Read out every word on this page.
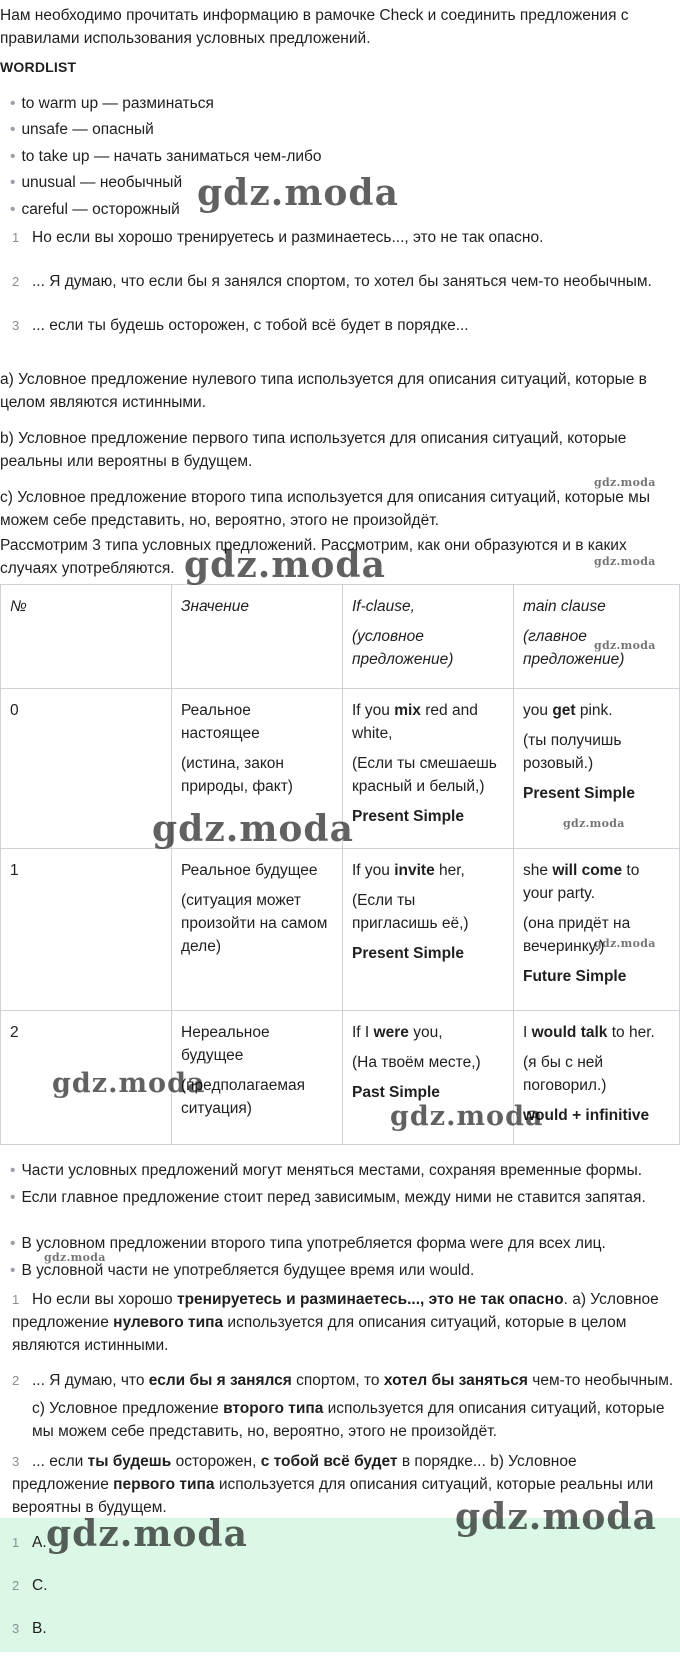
Нам необходимо прочитать информацию в рамочке Check и соединить предложения с правилами использования условных предложений.
WORDLIST
• to warm up — разминаться
• unsafe — опасный
• to take up — начать заниматься чем-либо
• unusual — необычный
• careful — осторожный
1 Но если вы хорошо тренируетесь и разминаетесь..., это не так опасно.
2 ... Я думаю, что если бы я занялся спортом, то хотел бы заняться чем-то необычным.
3 ... если ты будешь осторожен, с тобой всё будет в порядке...
a) Условное предложение нулевого типа используется для описания ситуаций, которые в целом являются истинными.
b) Условное предложение первого типа используется для описания ситуаций, которые реальны или вероятны в будущем.
c) Условное предложение второго типа используется для описания ситуаций, которые мы можем себе представить, но, вероятно, этого не произойдёт.
Рассмотрим 3 типа условных предложений. Рассмотрим, как они образуются и в каких случаях употребляются.
№	Значение	If-clause,
(условное предложение)	main clause
(главное предложение)

0	Реальное настоящее
(истина, закон природы, факт)	If you mix red and white,
(Если ты смешаешь красный и белый,)
Present Simple	you get pink.
(ты получишь розовый.)
Present Simple

1	Реальное будущее
(ситуация может произойти на самом деле)	If you invite her,
(Если ты пригласишь её,)
Present Simple	she will come to your party.
(она придёт на вечеринку.)
Future Simple

2	Нереальное будущее
(предполагаемая ситуация)	If I were you,
(На твоём месте,)
Past Simple	I would talk to her.
(я бы с ней поговорил.)
would + infinitive
• Части условных предложений могут меняться местами, сохраняя временные формы.
• Если главное предложение стоит перед зависимым, между ними не ставится запятая.
• В условном предложении второго типа употребляется форма were для всех лиц.
• В условной части не употребляется будущее время или would.
1 Но если вы хорошо тренируетесь и разминаетесь..., это не так опасно. a) Условное предложение нулевого типа используется для описания ситуаций, которые в целом являются истинными.
2 ... Я думаю, что если бы я занялся спортом, то хотел бы заняться чем-то необычным.
c) Условное предложение второго типа используется для описания ситуаций, которые мы можем себе представить, но, вероятно, этого не произойдёт.
3 ... если ты будешь осторожен, с тобой всё будет в порядке... b) Условное предложение первого типа используется для описания ситуаций, которые реальны или вероятны в будущем.
1 A.
2 C.
3 B.
gdz.moda
gdz.moda
gdz.moda
gdz.moda
gdz.moda
gdz.moda	gdz.moda
gdz.moda
gdz.moda
gdz.moda
gdz.moda
gdz.moda
gdz.moda
